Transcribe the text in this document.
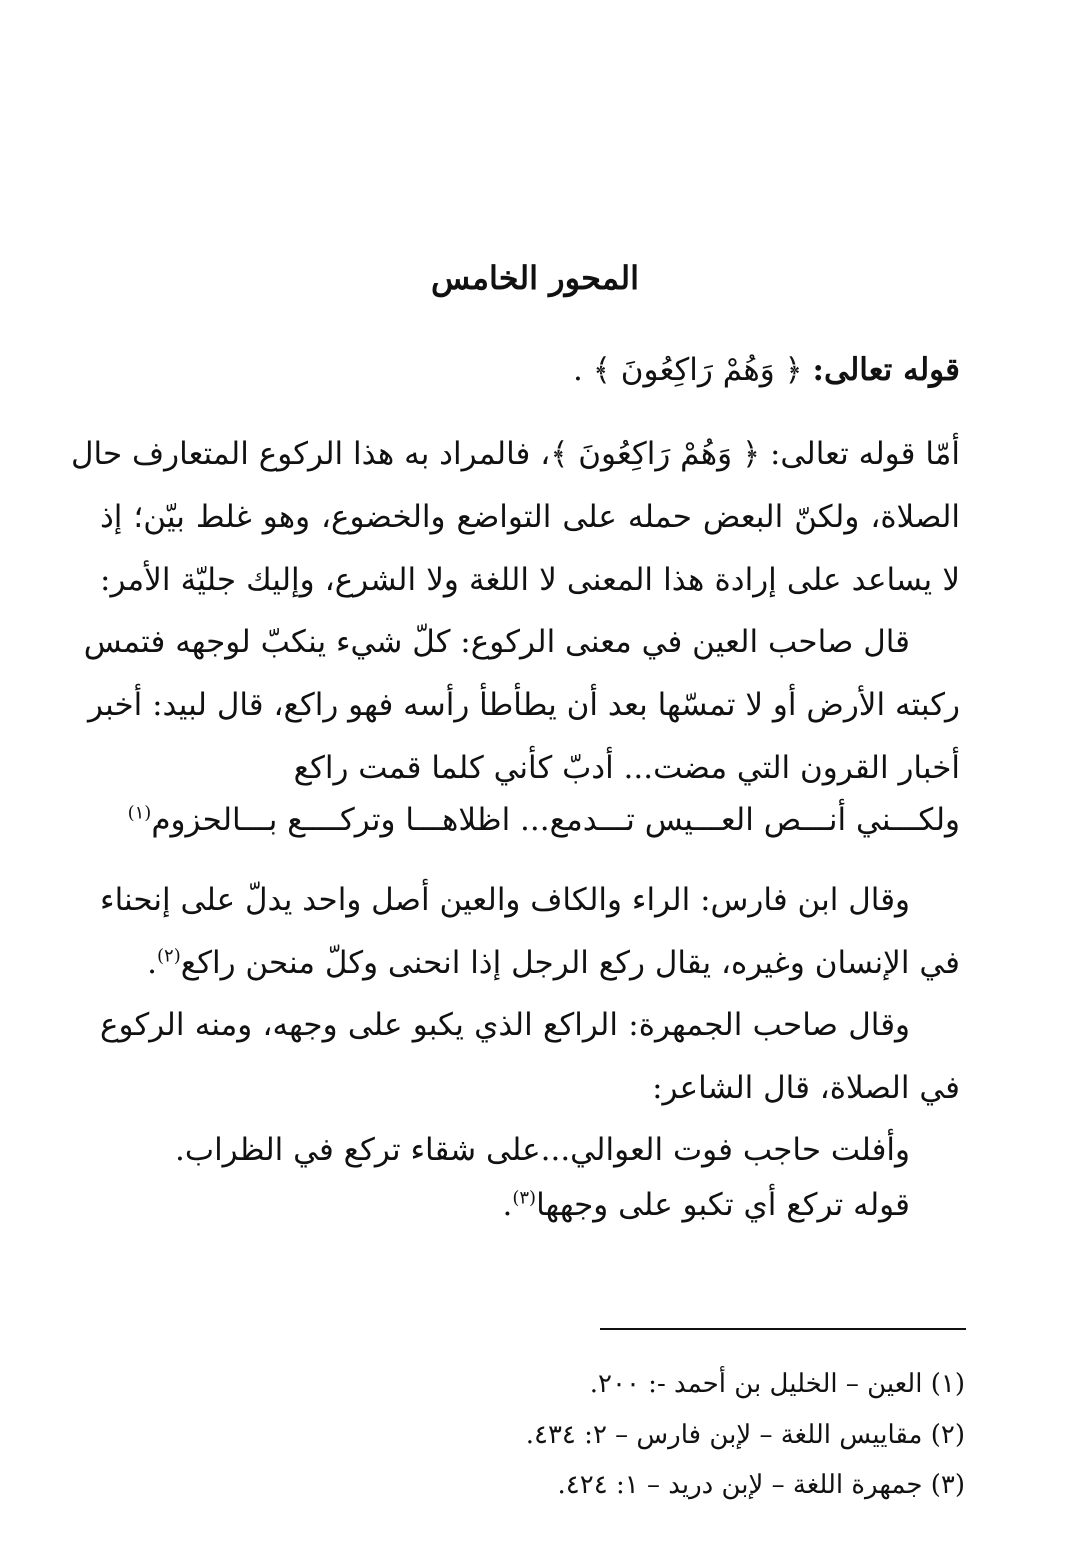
المحور الخامس
قوله تعالى: ﴿ وَهُمْ رَاكِعُونَ ﴾ .
أمّا قوله تعالى: ﴿ وَهُمْ رَاكِعُونَ ﴾، فالمراد به هذا الركوع المتعارف حال
الصلاة، ولكنّ البعض حمله على التواضع والخضوع، وهو غلط بيّن؛ إذ
لا يساعد على إرادة هذا المعنى لا اللغة ولا الشرع، وإليك جليّة الأمر:
قال صاحب العين في معنى الركوع: كلّ شيء ينكبّ لوجهه فتمس
ركبته الأرض أو لا تمسّها بعد أن يطأطأ رأسه فهو راكع، قال لبيد: أخبر
أخبار القرون التي مضت... أدبّ كأني كلما قمت راكع
ولكـــني أنـــص العـــيس تـــدمع... اظلاهـــا وتركــــع بـــالحزوم$^{(١)}$
وقال ابن فارس: الراء والكاف والعين أصل واحد يدلّ على إنحناء
في الإنسان وغيره، يقال ركع الرجل إذا انحنى وكلّ منحن راكع$^{(٢)}$.
وقال صاحب الجمهرة: الراكع الذي يكبو على وجهه، ومنه الركوع
في الصلاة، قال الشاعر:
وأفلت حاجب فوت العوالي...على شقاء تركع في الظراب.
قوله تركع أي تكبو على وجهها$^{(٣)}$.
(١) العين – الخليل بن أحمد -: ٢٠٠.
(٢) مقاييس اللغة – لإبن فارس – ٢: ٤٣٤.
(٣) جمهرة اللغة – لإبن دريد – ١: ٤٢٤.
